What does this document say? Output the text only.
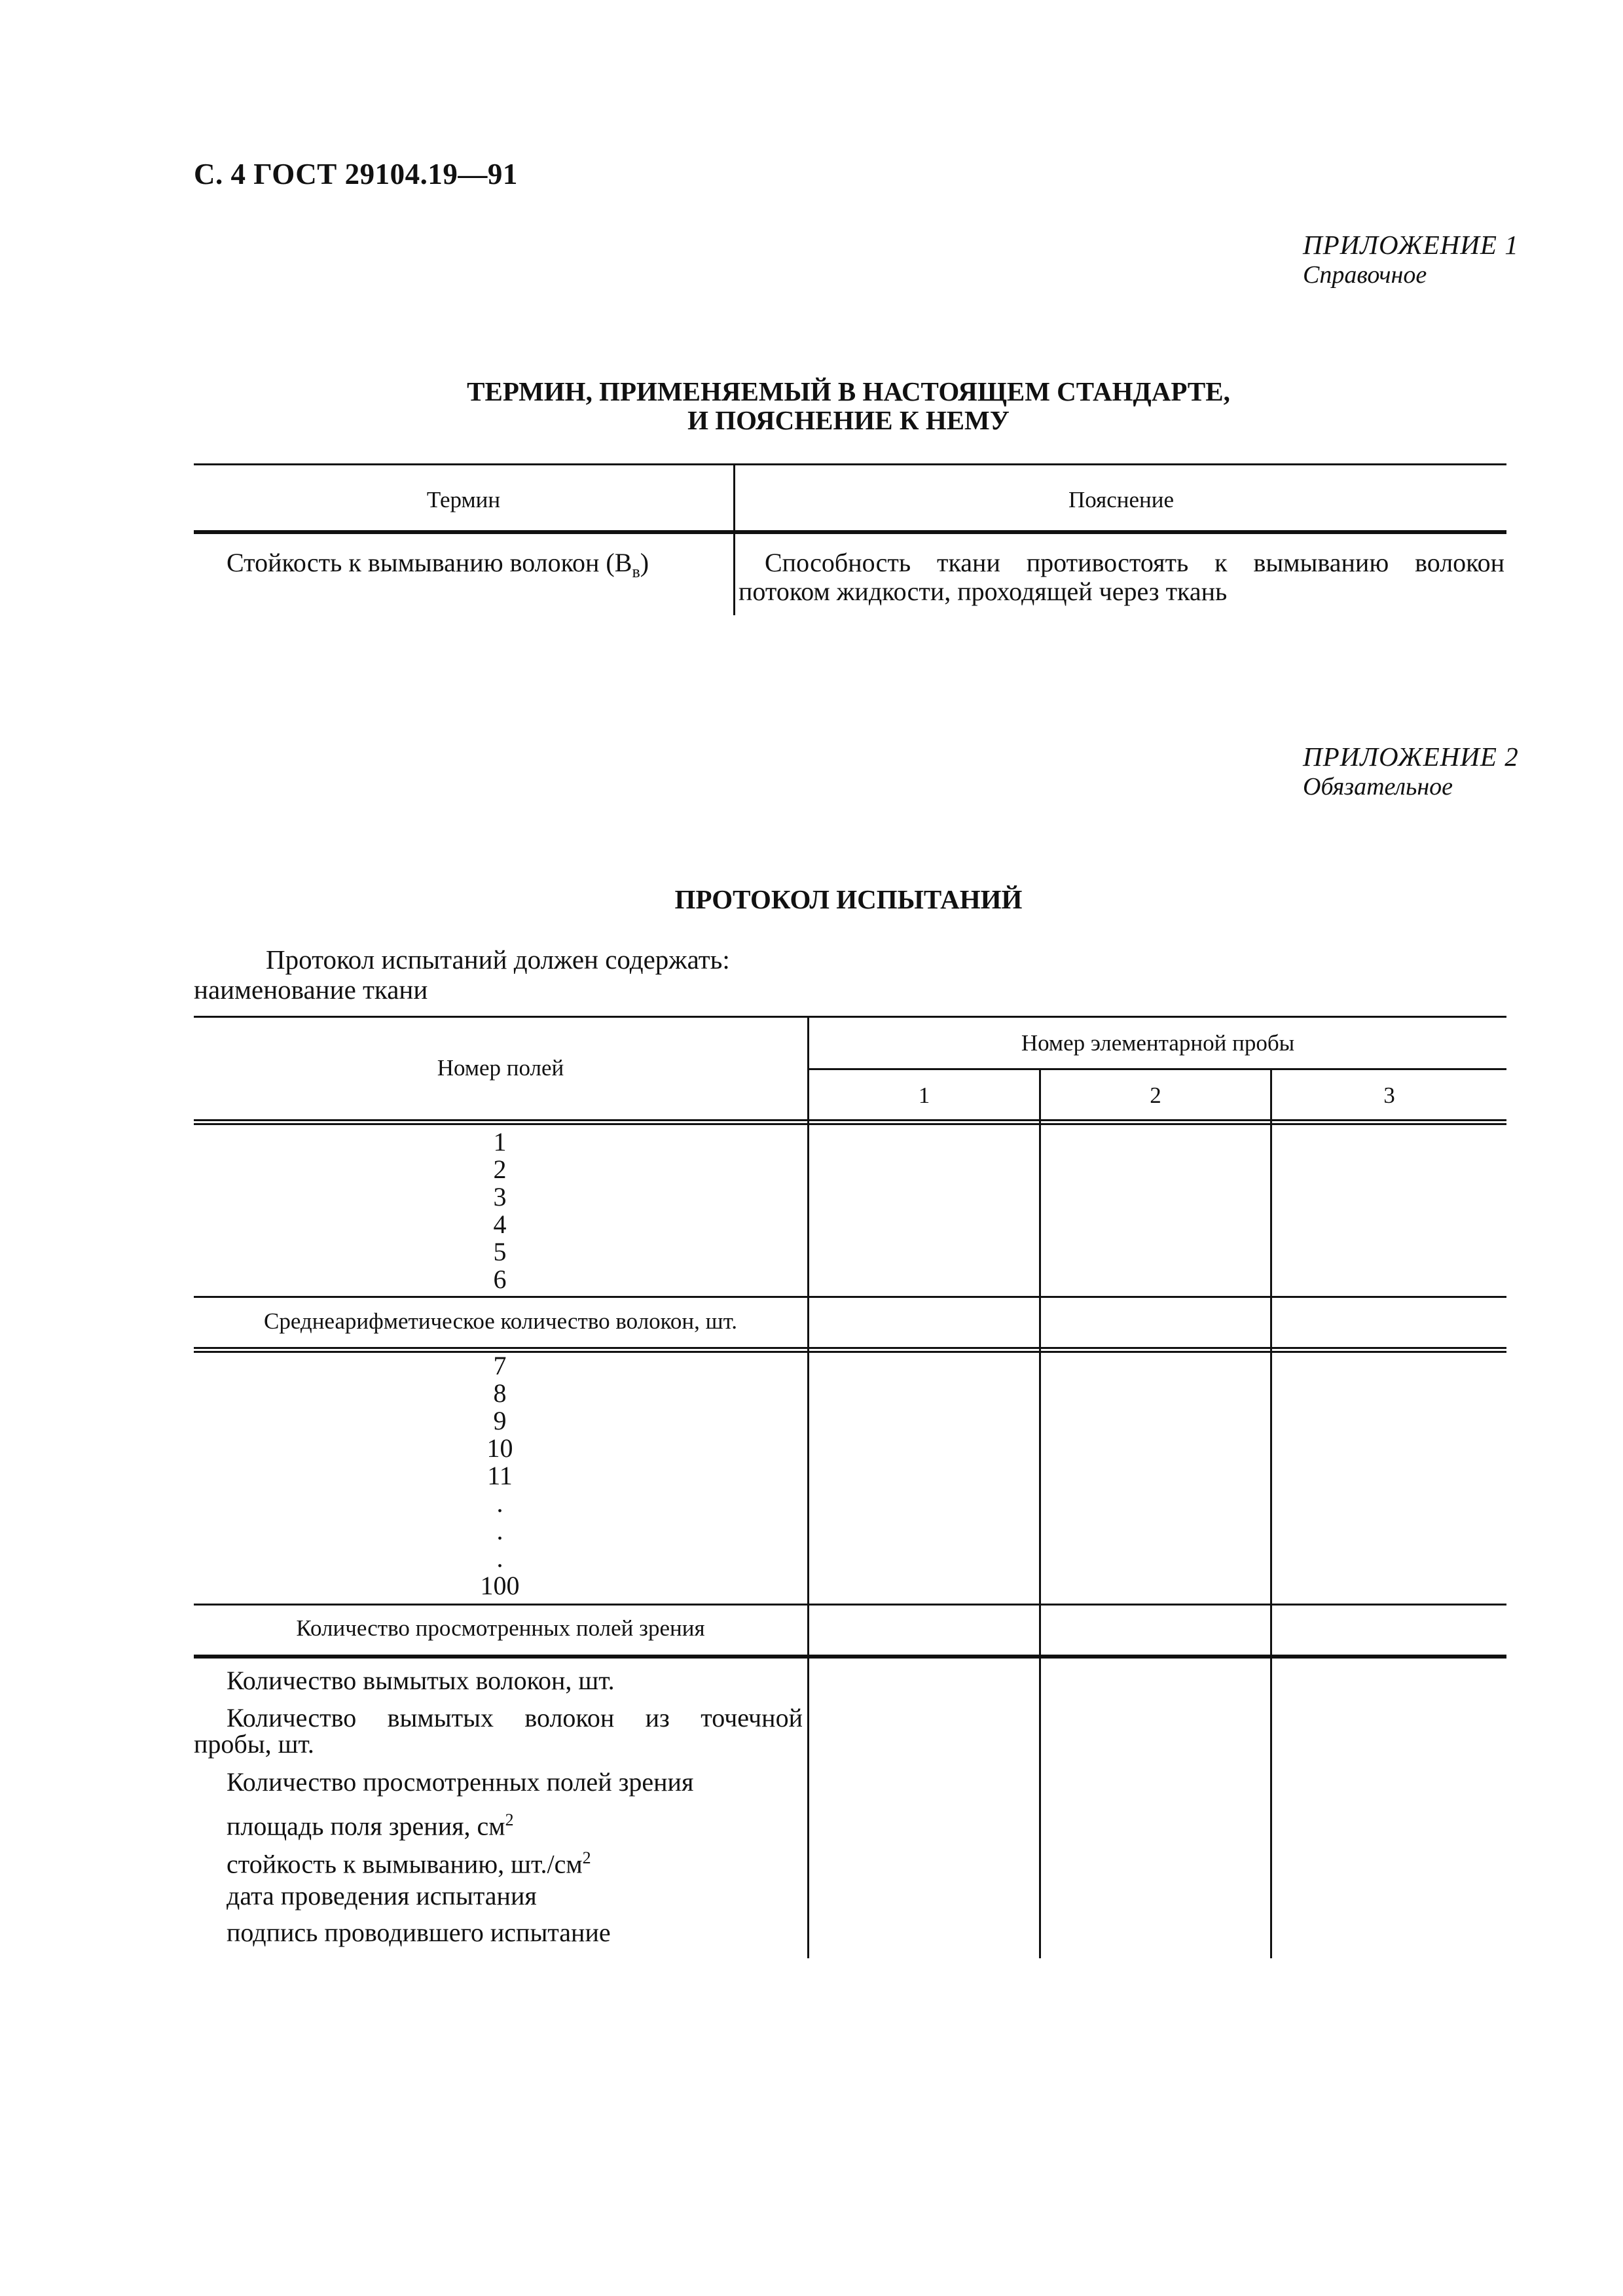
С. 4 ГОСТ 29104.19—91
ПРИЛОЖЕНИЕ 1
Справочное
ТЕРМИН, ПРИМЕНЯЕМЫЙ В НАСТОЯЩЕМ СТАНДАРТЕ,
И ПОЯСНЕНИЕ К НЕМУ
Термин	Пояснение
Стойкость к вымыванию волокон $(B_в)$	Способность ткани противостоять к вымыванию волокон
потоком жидкости, проходящей через ткань
ПРИЛОЖЕНИЕ 2
Обязательное
ПРОТОКОЛ ИСПЫТАНИЙ
Протокол испытаний должен содержать:
наименование ткани
Номер полей
Номер элементарной пробы
1	2	3
1
2
3
4
5
6
Среднеарифметическое количество волокон, шт.
7
8
9
10
11
.
.
.
100
Количество просмотренных полей зрения
Количество вымытых волокон, шт.
Количество вымытых волокон из точечной
пробы, шт.
Количество просмотренных полей зрения
площадь поля зрения, $см^2$
стойкость к вымыванию, $шт./см^2$
дата проведения испытания
подпись проводившего испытание
